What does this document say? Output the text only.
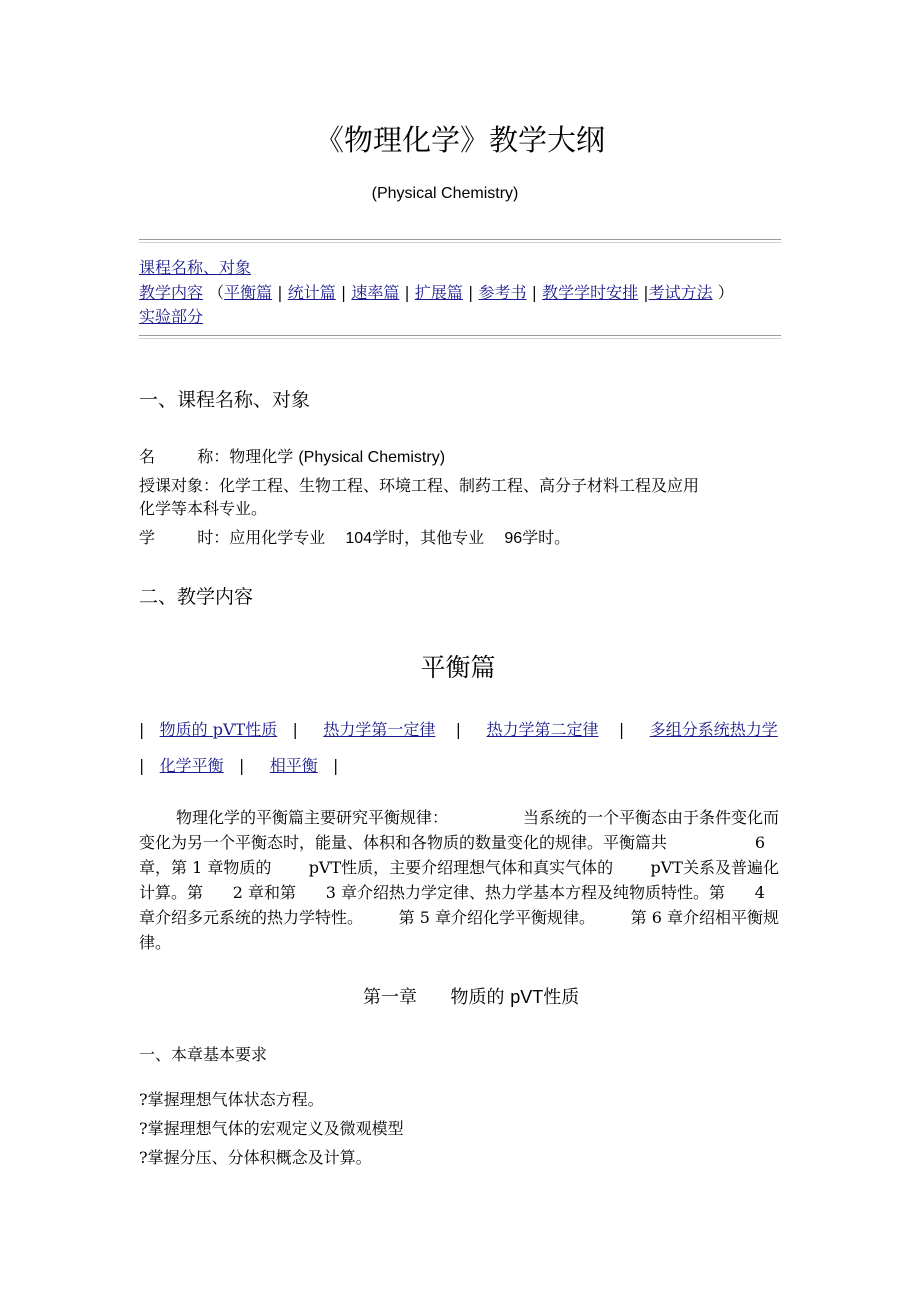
《物理化学》教学大纲
(Physical Chemistry)
课程名称、对象
教学内容 （平衡篇 | 统计篇 | 速率篇 | 扩展篇 | 参考书 | 教学学时安排 |考试方法 ）
实验部分
一、课程名称、对象
名	称：物理化学 (Physical Chemistry)
授课对象：化学工程、生物工程、环境工程、制药工程、高分子材料工程及应用
化学等本科专业。
学	时：应用化学专业 104学时，其他专业 96学时。
二、教学内容
平衡篇
| 物质的 pVT性质 | 热力学第一定律 | 热力学第二定律 | 多组分系统热力学
| 化学平衡 | 相平衡 |
物理化学的平衡篇主要研究平衡规律：	当系统的一个平衡态由于条件变化而
变化为另一个平衡态时，能量、体积和各物质的数量变化的规律。平衡篇共	6
章，第 1 章物质的 pVT性质，主要介绍理想气体和真实气体的 pVT关系及普遍化
计算。第 2 章和第 3 章介绍热力学定律、热力学基本方程及纯物质特性。第 4
章介绍多元系统的热力学特性。 第 5 章介绍化学平衡规律。 第 6 章介绍相平衡规
律。
第一章 物质的 pVT性质
一、本章基本要求
?掌握理想气体状态方程。
?掌握理想气体的宏观定义及微观模型
?掌握分压、分体积概念及计算。
